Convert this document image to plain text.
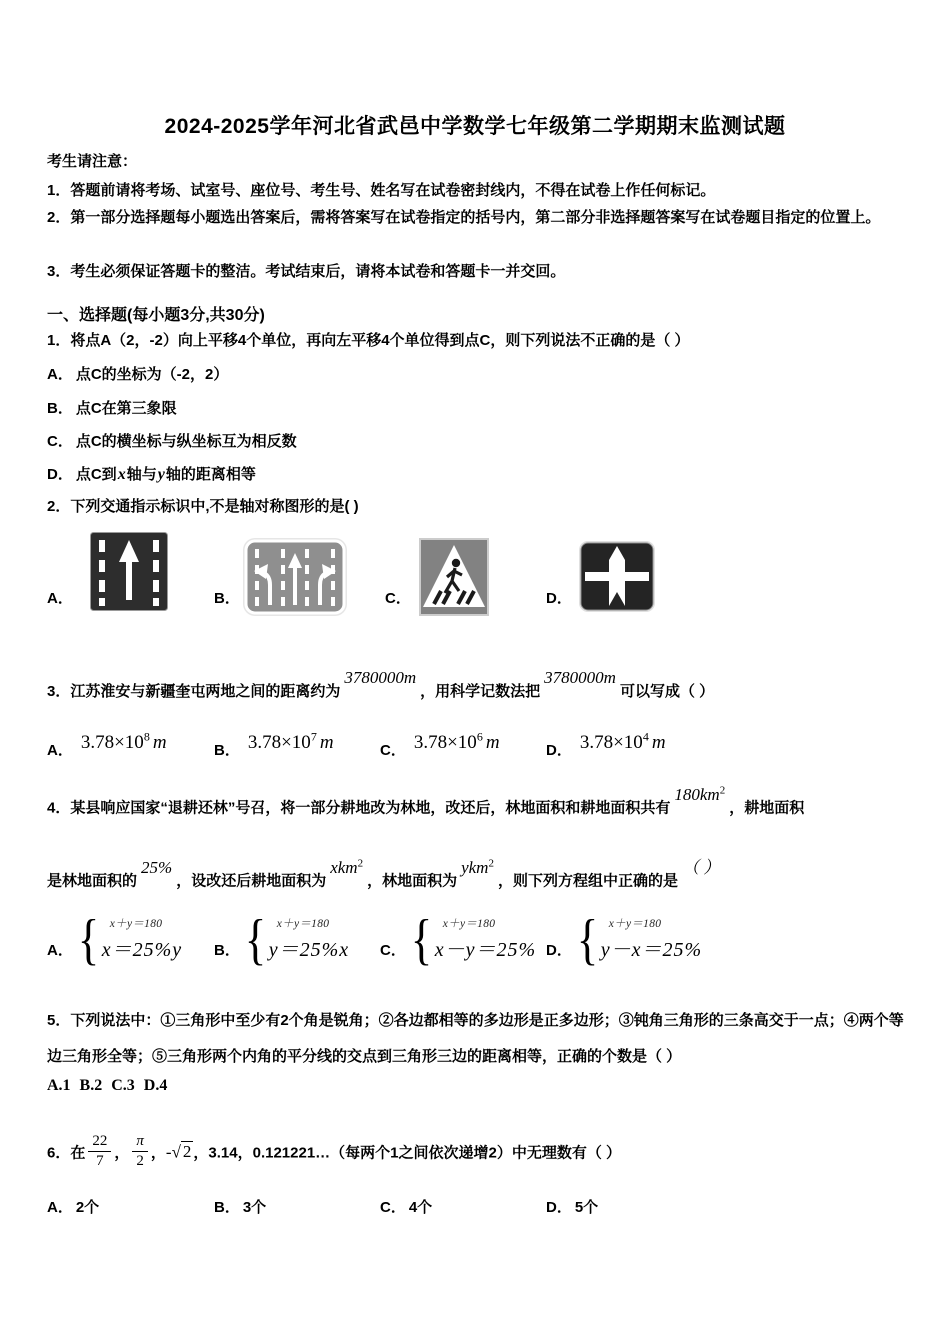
2024-2025学年河北省武邑中学数学七年级第二学期期末监测试题
考生请注意：
1．答题前请将考场、试室号、座位号、考生号、姓名写在试卷密封线内，不得在试卷上作任何标记。
2．第一部分选择题每小题选出答案后，需将答案写在试卷指定的括号内，第二部分非选择题答案写在试卷题目指定的位置上。
3．考生必须保证答题卡的整洁。考试结束后，请将本试卷和答题卡一并交回。
一、选择题(每小题3分,共30分)
1．将点A（2，-2）向上平移4个单位，再向左平移4个单位得到点C，则下列说法不正确的是（ ）
A． 点C的坐标为（-2，2）
B． 点C在第三象限
C． 点C的横坐标与纵坐标互为相反数
D． 点C到x轴与y轴的距离相等
2．下列交通指示标识中,不是轴对称图形的是( )
A．	B．	C．	D．
3．江苏淮安与新疆奎屯两地之间的距离约为3780000m，用科学记数法把3780000m可以写成（ ）
A． $3.78\times 10^8$ m	B． $3.78\times 10^7$ m	C． $3.78\times 10^6$ m	D． $3.78\times 10^4$ m
4．某县响应国家“退耕还林”号召，将一部分耕地改为林地，改还后，林地面积和耕地面积共有$180km^2$，耕地面积
是林地面积的25%，设改还后耕地面积为xkm$^2$，林地面积为ykm$^2$，则下列方程组中正确的是（ ）
A． { x＋y＝180
x＝25%y B． { x＋y＝180
y＝25%x C． { x＋y＝180
x－y＝25% D． { x＋y＝180
y－x＝25%
5．下列说法中：①三角形中至少有2个角是锐角；②各边都相等的多边形是正多边形；③钝角三角形的三条高交于一点；④两个等边三角形全等；⑤三角形两个内角的平分线的交点到三角形三边的距离相等，正确的个数是（ ）
A.1 B.2 C.3 D.4
6．在 $\frac{22}{7}$ ， $\frac{\pi}{2}$ ，-√ 2 ，3.14，0.121221…（每两个1之间依次递增2）中无理数有（ ）
A． 2个	B． 3个	C． 4个	D． 5个
